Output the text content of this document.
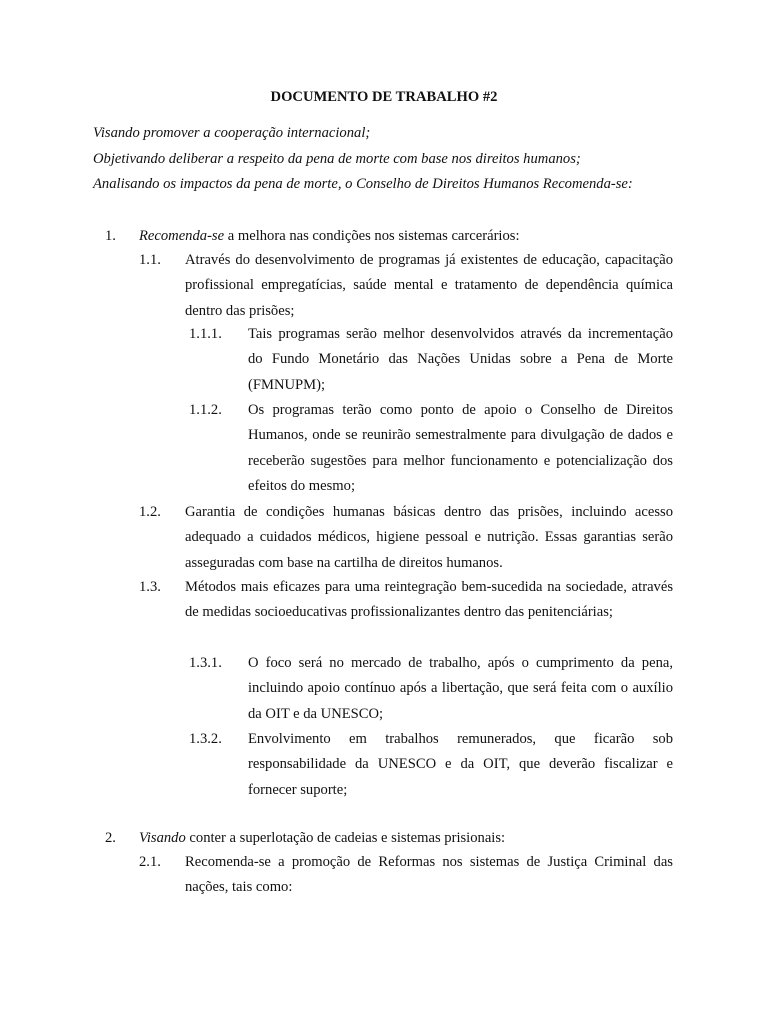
DOCUMENTO DE TRABALHO #2
Visando promover a cooperação internacional;
Objetivando deliberar a respeito da pena de morte com base nos direitos humanos;
Analisando os impactos da pena de morte, o Conselho de Direitos Humanos Recomenda-se:
1. Recomenda-se a melhora nas condições nos sistemas carcerários:
1.1. Através do desenvolvimento de programas já existentes de educação, capacitação profissional empregatícias, saúde mental e tratamento de dependência química dentro das prisões;
1.1.1. Tais programas serão melhor desenvolvidos através da incrementação do Fundo Monetário das Nações Unidas sobre a Pena de Morte (FMNUPM);
1.1.2. Os programas terão como ponto de apoio o Conselho de Direitos Humanos, onde se reunirão semestralmente para divulgação de dados e receberão sugestões para melhor funcionamento e potencialização dos efeitos do mesmo;
1.2. Garantia de condições humanas básicas dentro das prisões, incluindo acesso adequado a cuidados médicos, higiene pessoal e nutrição. Essas garantias serão asseguradas com base na cartilha de direitos humanos.
1.3. Métodos mais eficazes para uma reintegração bem-sucedida na sociedade, através de medidas socioeducativas profissionalizantes dentro das penitenciárias;
1.3.1. O foco será no mercado de trabalho, após o cumprimento da pena, incluindo apoio contínuo após a libertação, que será feita com o auxílio da OIT e da UNESCO;
1.3.2. Envolvimento em trabalhos remunerados, que ficarão sob responsabilidade da UNESCO e da OIT, que deverão fiscalizar e fornecer suporte;
2. Visando conter a superlotação de cadeias e sistemas prisionais:
2.1. Recomenda-se a promoção de Reformas nos sistemas de Justiça Criminal das nações, tais como:
